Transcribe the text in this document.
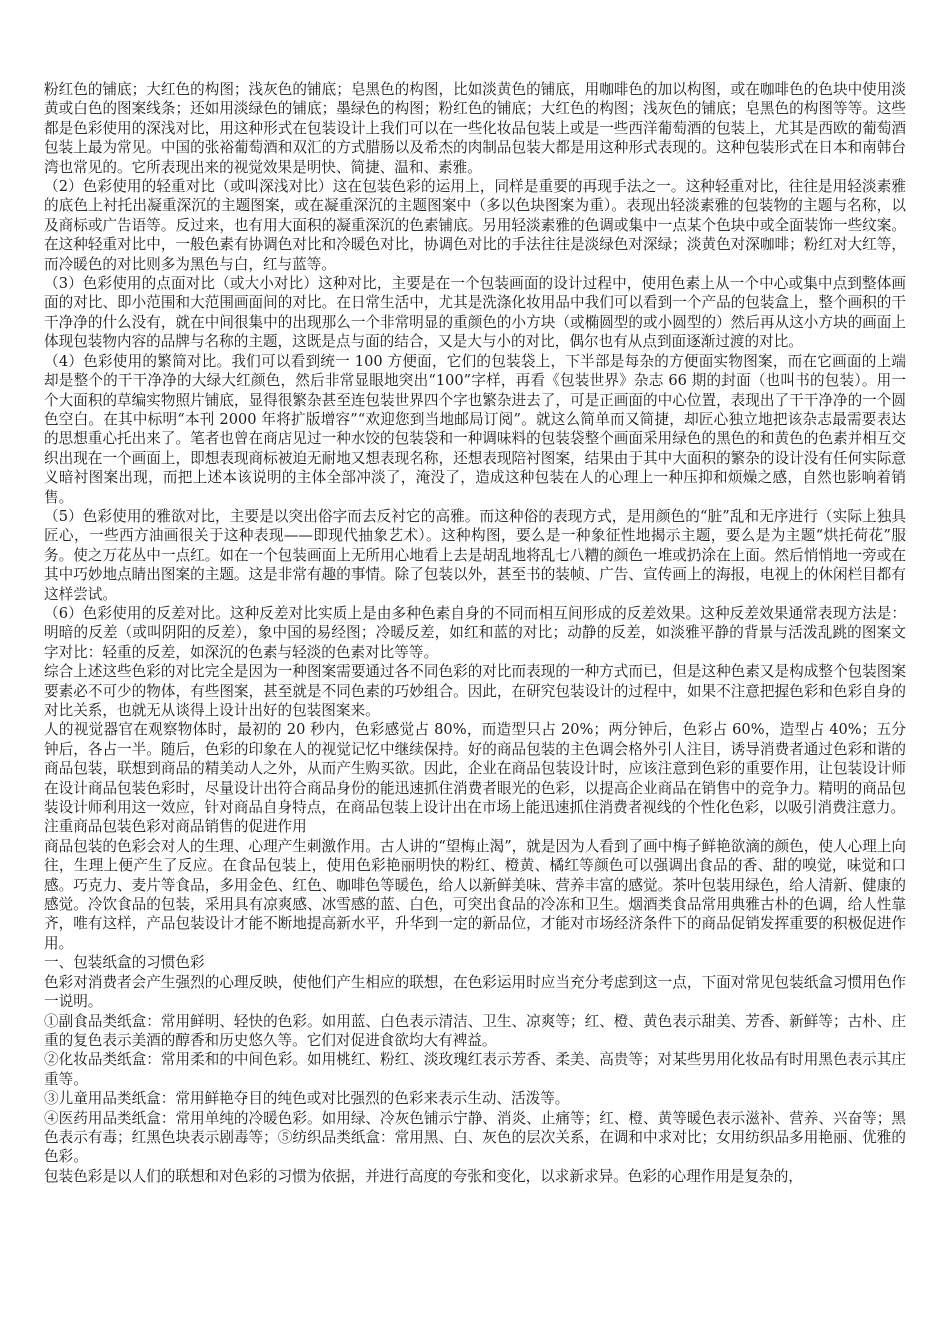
粉红色的铺底；大红色的构图；浅灰色的铺底；皂黑色的构图，比如淡黄色的铺底，用咖啡色的加以构图，或在咖啡色的色块中使用淡黄或白色的图案线条；还如用淡绿色的铺底；墨绿色的构图；粉红色的铺底；大红色的构图；浅灰色的铺底；皂黑色的构图等等。这些都是色彩使用的深浅对比，用这种形式在包装设计上我们可以在一些化妆品包装上或是一些西洋葡萄酒的包装上，尤其是西欧的葡萄酒包装上最为常见。中国的张裕葡萄酒和双汇的方式腊肠以及希杰的肉制品包装大都是用这种形式表现的。这种包装形式在日本和南韩台湾也常见的。它所表现出来的视觉效果是明快、简捷、温和、素雅。

（2）色彩使用的轻重对比（或叫深浅对比）这在包装色彩的运用上，同样是重要的再现手法之一。这种轻重对比，往往是用轻淡素雅的底色上衬托出凝重深沉的主题图案，或在凝重深沉的主题图案中（多以色块图案为重）。表现出轻淡素雅的包装物的主题与名称，以及商标或广告语等。反过来，也有用大面积的凝重深沉的色素铺底。另用轻淡素雅的色调或集中一点某个色块中或全面装饰一些纹案。在这种轻重对比中，一般色素有协调色对比和冷暖色对比，协调色对比的手法往往是淡绿色对深绿；淡黄色对深咖啡；粉红对大红等，而冷暖色的对比则多为黑色与白，红与蓝等。

（3）色彩使用的点面对比（或大小对比）这种对比，主要是在一个包装画面的设计过程中，使用色素上从一个中心或集中点到整体画面的对比、即小范围和大范围画面间的对比。在日常生活中，尤其是洗涤化妆用品中我们可以看到一个产品的包装盒上，整个画积的干干净净的什么没有，就在中间很集中的出现那么一个非常明显的重颜色的小方块（或椭圆型的或小圆型的）然后再从这小方块的画面上体现包装物内容的品牌与名称的主题，这既是点与面的结合，又是大与小的对比，偶尔也有从点到面逐渐过渡的对比。

（4）色彩使用的繁简对比。我们可以看到统一 100 方便面，它们的包装袋上，下半部是每杂的方便面实物图案，而在它画面的上端却是整个的干干净净的大绿大红颜色，然后非常显眼地突出“100”字样，再看《包装世界》杂志 66 期的封面（也叫书的包装）。用一个大面积的草编实物照片铺底，显得很繁杂甚至连包装世界四个字也繁杂进去了，可是正画面的中心位置，表现出了干干净净的一个圆色空白。在其中标明“本刊 2000 年将扩版增容”“欢迎您到当地邮局订阅”。就这么简单而又简捷，却匠心独立地把该杂志最需要表达的思想重心托出来了。笔者也曾在商店见过一种水饺的包装袋和一种调味料的包装袋整个画面采用绿色的黑色的和黄色的色素并相互交织出现在一个画面上，即想表现商标被迫无耐地又想表现名称，还想表现陪衬图案，结果由于其中大面积的繁杂的设计没有任何实际意义暗衬图案出现，而把上述本该说明的主体全部冲淡了，淹没了，造成这种包装在人的心理上一种压抑和烦燥之感，自然也影响着销售。

（5）色彩使用的雅欲对比，主要是以突出俗字而去反衬它的高雅。而这种俗的表现方式，是用颜色的“脏”乱和无序进行（实际上独具匠心，一些西方油画很关于这种表现——即现代抽象艺术）。这种构图，要么是一种象征性地揭示主题，要么是为主题“烘托荷花”服务。使之万花丛中一点红。如在一个包装画面上无所用心地看上去是胡乱地将乱七八糟的颜色一堆或扔涂在上面。然后悄悄地一旁或在其中巧妙地点睛出图案的主题。这是非常有趣的事情。除了包装以外，甚至书的装帧、广告、宣传画上的海报，电视上的休闲栏目都有这样尝试。

（6）色彩使用的反差对比。这种反差对比实质上是由多种色素自身的不同而相互间形成的反差效果。这种反差效果通常表现方法是：明暗的反差（或叫阴阳的反差），象中国的易经图；冷暖反差，如红和蓝的对比；动静的反差，如淡雅平静的背景与活泼乱跳的图案文字对比：轻重的反差，如深沉的色素与轻淡的色素对比等等。

综合上述这些色彩的对比完全是因为一种图案需要通过各不同色彩的对比而表现的一种方式而已，但是这种色素又是构成整个包装图案要素必不可少的物体，有些图案，甚至就是不同色素的巧妙组合。因此，在研究包装设计的过程中，如果不注意把握色彩和色彩自身的对比关系，也就无从谈得上设计出好的包装图案来。

人的视觉器官在观察物体时，最初的 20 秒内，色彩感觉占 80%，而造型只占 20%；两分钟后，色彩占 60%，造型占 40%；五分钟后，各占一半。随后，色彩的印象在人的视觉记忆中继续保持。好的商品包装的主色调会格外引人注目，诱导消费者通过色彩和谐的商品包装，联想到商品的精美动人之外，从而产生购买欲。因此，企业在商品包装设计时，应该注意到色彩的重要作用，让包装设计师在设计商品包装色彩时，尽量设计出符合商品身份的能迅速抓住消费者眼光的色彩，以提高企业商品在销售中的竞争力。精明的商品包装设计师利用这一效应，针对商品自身特点，在商品包装上设计出在市场上能迅速抓住消费者视线的个性化色彩，以吸引消费注意力。

注重商品包装色彩对商品销售的促进作用

商品包装的色彩会对人的生理、心理产生刺激作用。古人讲的“望梅止渴”，就是因为人看到了画中梅子鲜艳欲滴的颜色，使人心理上向往，生理上便产生了反应。在食品包装上，使用色彩艳丽明快的粉红、橙黄、橘红等颜色可以强调出食品的香、甜的嗅觉，味觉和口感。巧克力、麦片等食品，多用金色、红色、咖啡色等暖色，给人以新鲜美味、营养丰富的感觉。茶叶包装用绿色，给人清新、健康的感觉。冷饮食品的包装，采用具有凉爽感、冰雪感的蓝、白色，可突出食品的冷冻和卫生。烟酒类食品常用典雅古朴的色调，给人性靠齐，唯有这样，产品包装设计才能不断地提高新水平，升华到一定的新品位，才能对市场经济条件下的商品促销发挥重要的积极促进作用。

一、包装纸盒的习惯色彩

色彩对消费者会产生强烈的心理反映，使他们产生相应的联想，在色彩运用时应当充分考虑到这一点，下面对常见包装纸盒习惯用色作一说明。

①副食品类纸盒：常用鲜明、轻快的色彩。如用蓝、白色表示清洁、卫生、凉爽等；红、橙、黄色表示甜美、芳香、新鲜等；古朴、庄重的复色表示美酒的醇香和历史悠久等。它们对促进食欲均大有裨益。

②化妆品类纸盒：常用柔和的中间色彩。如用桃红、粉红、淡玫瑰红表示芳香、柔美、高贵等；对某些男用化妆品有时用黑色表示其庄重等。

③儿童用品类纸盒：常用鲜艳夺目的纯色或对比强烈的色彩来表示生动、活泼等。

④医药用品类纸盒：常用单纯的冷暖色彩。如用绿、冷灰色铺示宁静、消炎、止痛等；红、橙、黄等暖色表示滋补、营养、兴奋等；黑色表示有毒；红黑色块表示剧毒等；⑤纺织品类纸盒：常用黑、白、灰色的层次关系，在调和中求对比；女用纺织品多用艳丽、优雅的色彩。

包装色彩是以人们的联想和对色彩的习惯为依据，并进行高度的夸张和变化，以求新求异。色彩的心理作用是复杂的，
